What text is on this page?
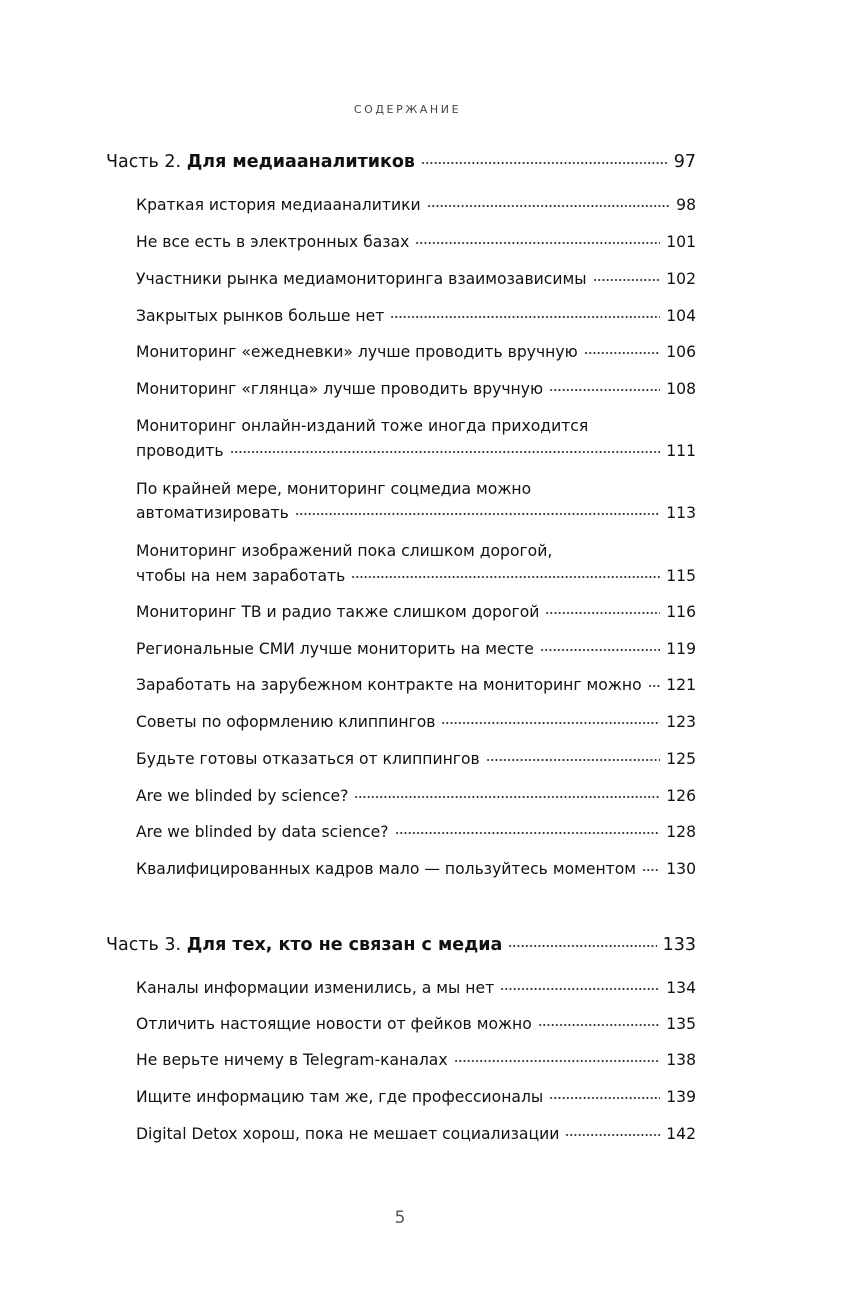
СОДЕРЖАНИЕ
Часть 2. Для медиааналитиков	97
Краткая история медиааналитики	98
Не все есть в электронных базах	101
Участники рынка медиамониторинга взаимозависимы	102
Закрытых рынков больше нет	104
Мониторинг «ежедневки» лучше проводить вручную	106
Мониторинг «глянца» лучше проводить вручную	108
Мониторинг онлайн-изданий тоже иногда приходится
проводить	111
По крайней мере, мониторинг соцмедиа можно
автоматизировать	113
Мониторинг изображений пока слишком дорогой,
чтобы на нем заработать	115
Мониторинг ТВ и радио также слишком дорогой	116
Региональные СМИ лучше мониторить на месте	119
Заработать на зарубежном контракте на мониторинг можно 121
Советы по оформлению клиппингов	123
Будьте готовы отказаться от клиппингов	125
Are we blinded by science?	126
Are we blinded by data science?	128
Квалифицированных кадров мало — пользуйтесь моментом 130
Часть 3. Для тех, кто не связан с медиа	133
Каналы информации изменились, а мы нет	134
Отличить настоящие новости от фейков можно	135
Не верьте ничему в Telegram-каналах	138
Ищите информацию там же, где профессионалы	139
Digital Detox хорош, пока не мешает социализации	142
5
